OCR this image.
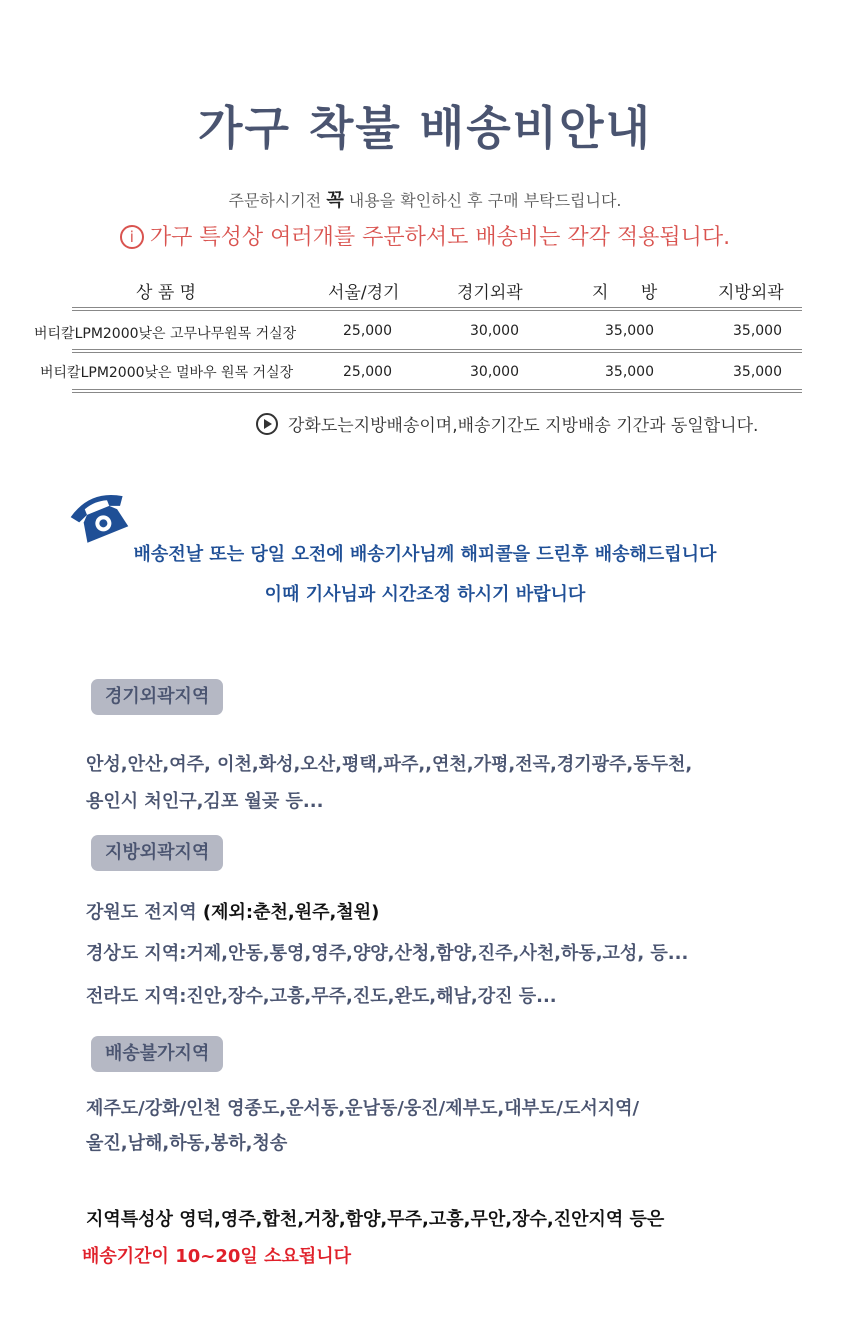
가구 착불 배송비안내
주문하시기전 꼭 내용을 확인하신 후 구매 부탁드립니다.
i 가구 특성상 여러개를 주문하셔도 배송비는 각각 적용됩니다.
상 품 명	서울/경기	경기외곽	지      방	지방외곽
버티칼LPM2000낮은 고무나무원목 거실장	25,000	30,000	35,000	35,000
버티칼LPM2000낮은 멀바우 원목 거실장	25,000	30,000	35,000	35,000
강화도는지방배송이며,배송기간도 지방배송 기간과 동일합니다.
배송전날 또는 당일 오전에 배송기사님께 해피콜을 드린후 배송해드립니다
이때 기사님과 시간조정 하시기 바랍니다
경기외곽지역
안성,안산,여주, 이천,화성,오산,평택,파주,,연천,가평,전곡,경기광주,동두천,
용인시 처인구,김포 월곶 등...
지방외곽지역
강원도 전지역 (제외:춘천,원주,철원)
경상도 지역:거제,안동,통영,영주,양양,산청,함양,진주,사천,하동,고성, 등...
전라도 지역:진안,장수,고흥,무주,진도,완도,해남,강진 등...
배송불가지역
제주도/강화/인천 영종도,운서동,운남동/웅진/제부도,대부도/도서지역/
울진,남해,하동,봉하,청송
지역특성상 영덕,영주,합천,거창,함양,무주,고흥,무안,장수,진안지역 등은
배송기간이 10~20일 소요됩니다
